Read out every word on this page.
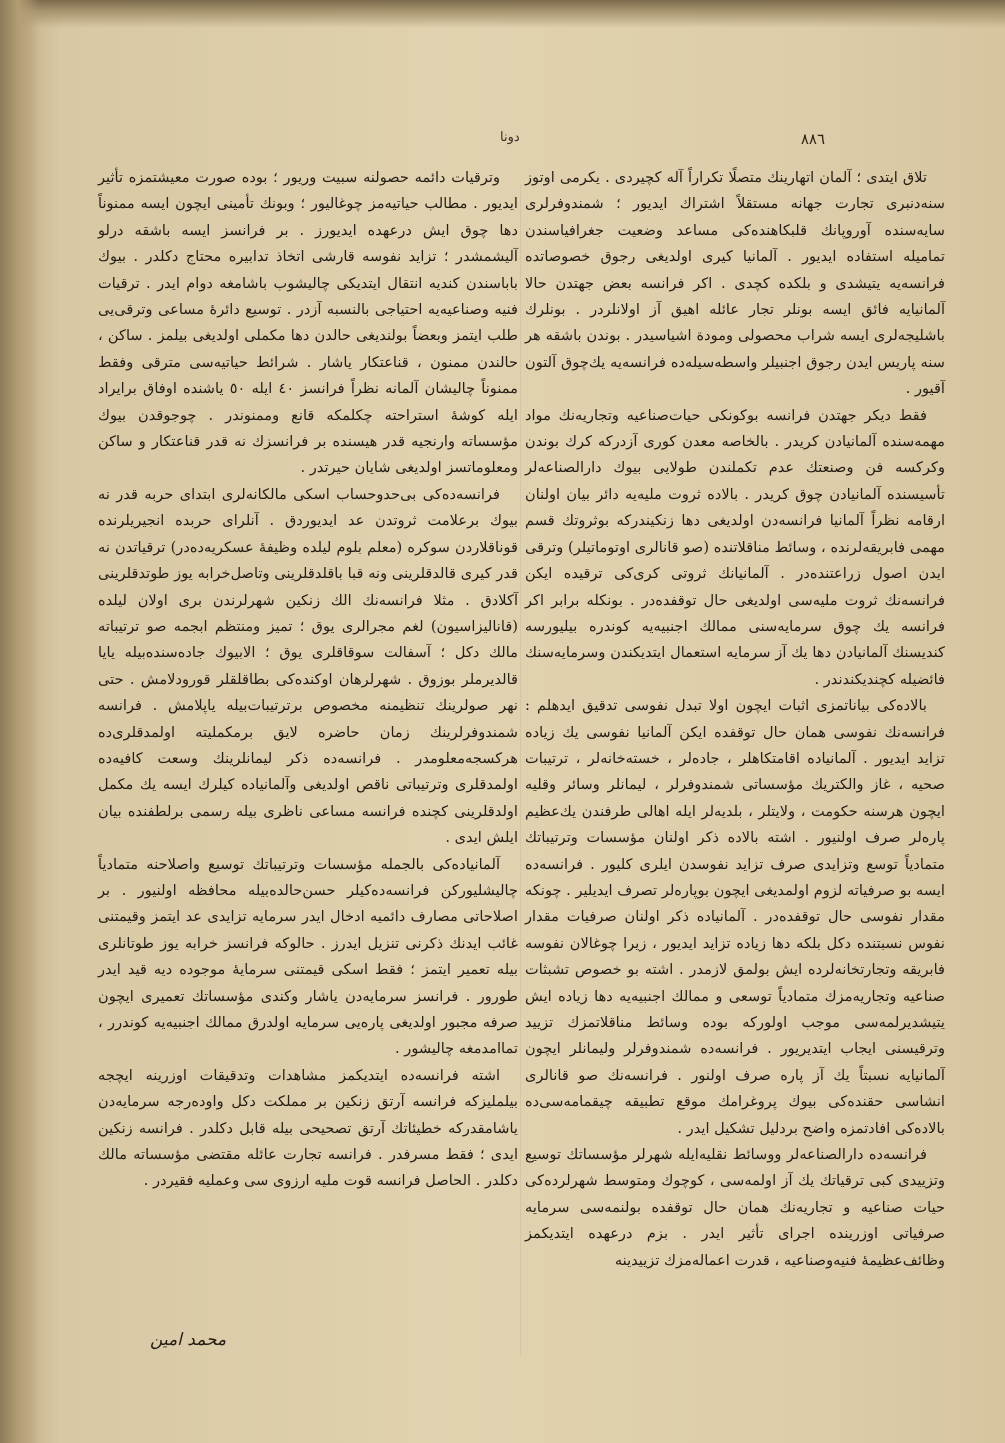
٨٨٦
دونا

تلاق ایتدی ؛ آلمان اتهارینك متصلًا تکراراً آله کچیردی . یکرمی اوتوز سنه‌دنبری تجارت جهانه مستقلاً اشتراك ایدیور ؛ شمندوفرلری سایه‌سنده آوروپانك قلبکاهنده‌کی مساعد وضعیت جغرافیاسندن تماميله استفاده ایدیور . آلمانیا کیری اولدیغی رجوق خصوصاتده فرانسه‌یه یتیشدی و بلکده کچدی . اکر فرانسه بعض جهتدن حالا آلمانیایه فائق ایسه بونلر تجار عائله اهیق آز اولانلردر . بونلرك باشلیجه‌لری ایسه شراب محصولی ومودة اشیاسیدر . بوندن باشقه هر سنه پاریس ایدن رجوق اجنبیلر واسطه‌سیله‌ده فرانسه‌یه یك‌چوق آلتون آقیور .

فقط دیکر جهتدن فرانسه بوکونکی حیات‌صناعیه وتجاریه‌نك مواد مهمه‌سنده آلمانیادن کریدر . بالخاصه معدن کوری آزدرکه کرك بوندن وکرکسه فن وصنعتك عدم تکملندن طولایی بیوك دارالصناعه‌لر تأسیسنده آلمانیادن چوق کریدر . بالاده ثروت ملیه‌یه دائر بیان اولنان ارقامه نظراً آلمانیا فرانسه‌دن اولدیغی دها زنکیندرکه بوثروتك قسم مهمی فابریقه‌لرنده ، وسائط مناقلاتنده (صو قانالری اوتوماتیلر) وترقی ایدن اصول زراعتنده‌در . آلمانیانك ثروتی کری‌کی ترقیده ایکن فرانسه‌نك ثروت ملیه‌سی اولدیغی حال توقفده‌در . بونکله برابر اکر فرانسه یك چوق سرمایه‌سنی ممالك اجنبیه‌یه کوندره بیلیورسه کندیسنك آلمانیادن دها یك آز سرمایه استعمال ایتدیکندن وسرمایه‌سنك فائضیله کچندیکندندر .

بالاده‌کی بیاناتمزی اثبات ایچون اولا تبدل نفوسی تدقیق ایدهلم : فرانسه‌نك نفوسی همان حال توقفده ایکن آلمانیا نفوسی یك زیاده تزاید ایدیور . آلمانیاده اقامتکاهلر ، جاده‌لر ، خسته‌خانه‌لر ، ترتیبات صحیه ، غاز والکتریك مؤسساتی شمندوفرلر ، لیمانلر وسائر وقلیه ایچون هرسنه حکومت ، ولایتلر ، بلدیه‌لر ایله اهالی طرفندن یك‌عظیم پاره‌لر صرف اولنیور . اشته بالاده ذکر اولنان مؤسسات وترتیباتك متمادیاً توسع وتزایدی صرف تزاید نفوسدن ایلری کلیور . فرانسه‌ده ایسه بو صرفیاته لزوم اولمدیغی ایچون بوپاره‌لر تصرف ایدیلیر . چونکه مقدار نفوسی حال توقفده‌در . آلمانیاده ذکر اولنان صرفیات مقدار نفوس نسبتنده دکل بلکه دها زیاده تزاید ایدیور ، زیرا چوغالان نفوسه فابریقه وتجارتخانه‌لرده ایش بولمق لازمدر . اشته بو خصوص تشبثات صناعیه وتجاریه‌مزك متمادیاً توسعی و ممالك اجنبیه‌یه دها زیاده ایش یتیشدیرلمه‌سی موجب اولورکه بوده وسائط مناقلاتمزك تزیید وترقیسنی ایجاب ایتدیریور . فرانسه‌ده شمندوفرلر ولیمانلر ایچون آلمانیایه نسبتاً یك آز پاره صرف اولنور . فرانسه‌نك صو قانالری انشاسی حقنده‌کی بیوك پروغرامك موقع تطبیقه چیقمامه‌سی‌ده بالاده‌کی افادتمزه واضح بردلیل تشکیل ایدر .

فرانسه‌ده دارالصناعه‌لر ووسائط نقلیه‌ایله شهرلر مؤسساتك توسیع وتزییدی کبی ترقیاتك یك آز اولمه‌سی ، کوچوك ومتوسط شهرلرده‌کی حیات صناعیه و تجاریه‌نك همان حال توقفده بولنمه‌سی سرمایه صرفیاتی اوزرینده اجرای تأثیر ایدر . بزم درعهده ایتدیکمز وظائف‌عظیمهٔ فنیه‌وصناعیه ، قدرت اعماله‌مزك تزییدینه

وترقیات دائمه حصولنه سبیت وریور ؛ بوده صورت معیشتمزه تأثیر ایدیور . مطالب حیاتیه‌مز چوغالیور ؛ وبونك تأمینی ایچون ایسه ممنوناً دها چوق ایش درعهده ایدیورز . بر فرانسز ایسه باشقه درلو آلیشمشدر ؛ تزاید نفوسه قارشی اتخاذ تدابیره محتاج دکلدر . بیوك باباسندن کندیه انتقال ایتدیکی چالیشوب باشامغه دوام ایدر . ترقیات فنیه وصناعیه‌یه احتیاجی بالنسبه آزدر . توسیع دائرهٔ مساعی وترقی‌یی طلب ایتمز وبعضاً بولندیغی حالدن دها مکملی اولدیغی بیلمز . ساکن ، حالندن ممنون ، قناعتکار یاشار . شرائط حیاتیه‌سی مترقی وفقط ممنوناً چالیشان آلمانه نظراً فرانسز ٤٠ ایله ٥٠ یاشنده اوفاق برایراد ایله کوشهٔ استراحته چکلمکه قانع وممنوندر . چوجوقدن بیوك مؤسساته وارنجیه قدر هیسنده بر فرانسزك نه قدر قناعتکار و ساکن ومعلوماتسز اولدیغی شایان حیرتدر .

فرانسه‌ده‌کی بی‌حدوحساب اسکی مالکانه‌لری ابتدای حربه قدر نه بیوك برعلامت ثروتدن عد ایدیوردق . آنلرای حربده انجیریلرنده قوناقلاردن سوکره (معلم بلوم لیلده وظیفهٔ عسکریه‌ده‌در) ترقیاتدن نه قدر کیری قالدقلرینی ونه قبا باقلدقلرینی وتاصل‌خرابه یوز طوتدقلرینی آکلادق . مثلا فرانسه‌نك الك زنکین شهرلرندن بری اولان لیلده (قانالیزاسیون) لغم مجرالری یوق ؛ تمیز ومنتظم ابجمه صو ترتیباته مالك دکل ؛ آسفالت سوقاقلری یوق ؛ الابیوك جاده‌سنده‌بیله یایا قالدیرملر بوزوق . شهرلرهان اوکنده‌کی بطاقلقلر قورودلامش . حتی نهر صولرینك تنظیمنه مخصوص برترتیبات‌بیله یاپلامش . فرانسه شمندوفرلرینك زمان حاضره لایق برمکملیته اولمدقلری‌ده هرکسجه‌معلومدر . فرانسه‌ده ذکر لیمانلرینك وسعت کافیه‌ده اولمدقلری وترتیباتی ناقص اولدیغی وآلمانیاده کیلرك ایسه یك مکمل اولدقلرینی کچنده فرانسه مساعی ناظری بیله رسمی برلطفنده بیان ایلش ایدی .

آلمانیاده‌کی بالجمله مؤسسات وترتیباتك توسیع واصلاحنه متمادیاً چالیشلیورکن فرانسه‌ده‌کیلر حسن‌حالده‌بیله محافظه اولنیور . بر اصلاحاتی مصارف دائمیه ادخال ایدر سرمایه تزایدی عد ایتمز وقیمتنی غائب ایدنك ذکرنی تنزیل ایدرز . حالوکه فرانسز خرابه یوز طوتانلری بیله تعمیر ایتمز ؛ فقط اسکی قیمتنی سرمایهٔ موجوده دیه قید ایدر طورور . فرانسز سرمایه‌دن یاشار وکندی مؤسساتك تعمیری ایچون صرفه مجبور اولدیغی پاره‌یی سرمایه اولدرق ممالك اجنبیه‌یه کوندرر ، تماامدمغه چالیشور .

اشته فرانسه‌ده ایتدیکمز مشاهدات وتدقیقات اوزرینه ایچجه بیلملیزکه فرانسه آرتق زنکین بر مملکت دکل واوده‌رجه سرمایه‌دن یاشامقدرکه خطیئاتك آرتق تصحیحی بیله قابل دکلدر . فرانسه زنکین ایدی ؛ فقط مسرفدر . فرانسه تجارت عائله مقتضی مؤسساته مالك دکلدر . الحاصل فرانسه قوت ملیه ارزوی سی وعملیه فقیردر .

محمد امین
